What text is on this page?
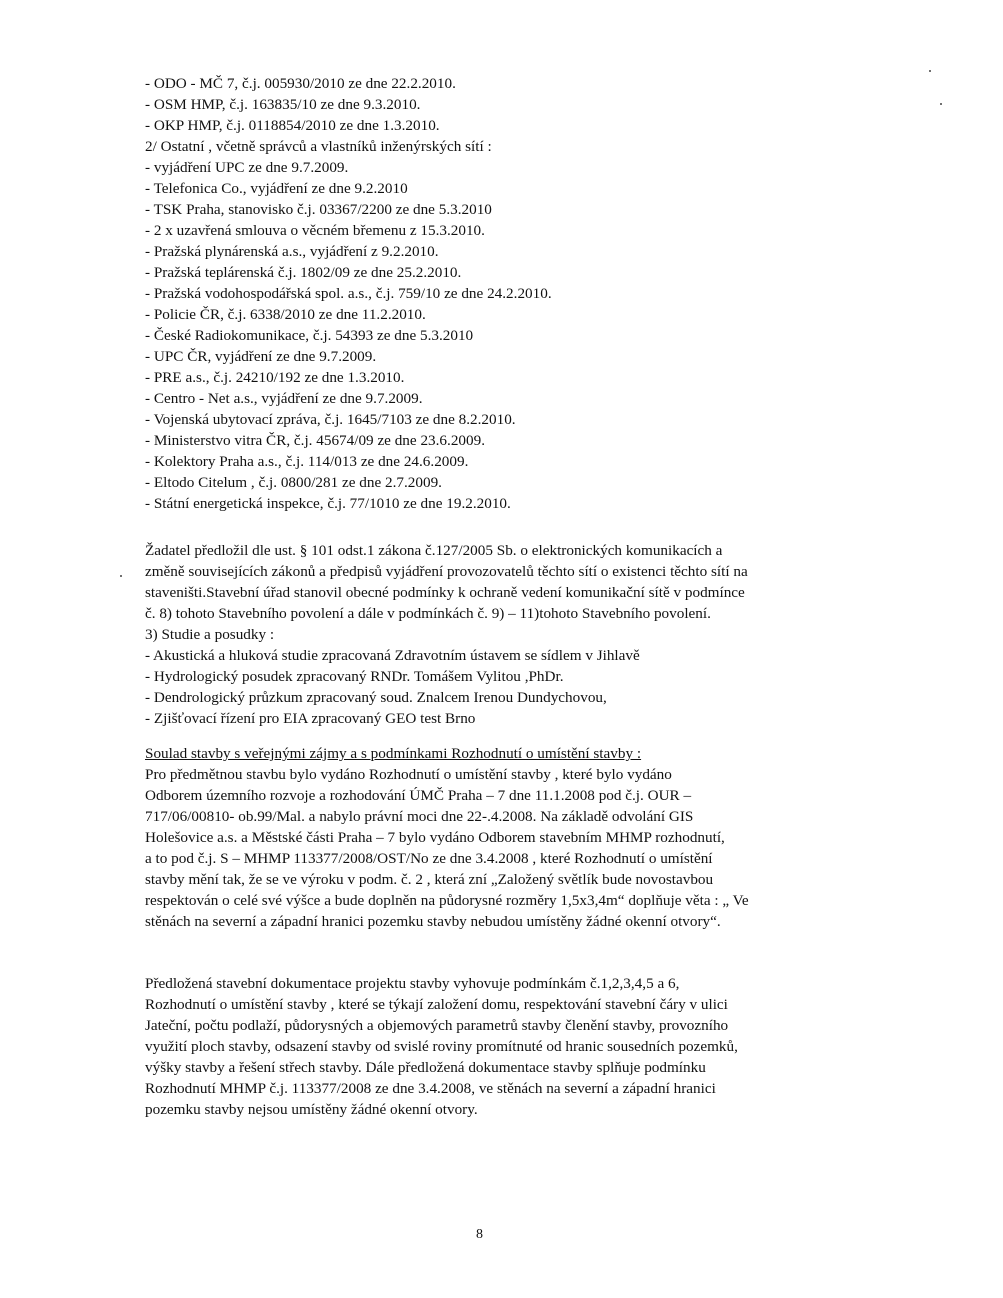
- ODO - MČ 7, č.j. 005930/2010 ze dne 22.2.2010.
- OSM HMP, č.j. 163835/10 ze dne 9.3.2010.
- OKP HMP, č.j. 0118854/2010 ze dne 1.3.2010.
2/ Ostatní , včetně správců a vlastníků inženýrských sítí :
- vyjádření UPC ze dne 9.7.2009.
- Telefonica Co., vyjádření ze dne 9.2.2010
- TSK Praha, stanovisko č.j. 03367/2200 ze dne 5.3.2010
- 2 x uzavřená smlouva o věcném břemenu z 15.3.2010.
- Pražská plynárenská a.s., vyjádření z 9.2.2010.
- Pražská teplárenská č.j. 1802/09 ze dne 25.2.2010.
- Pražská vodohospodářská spol. a.s., č.j. 759/10 ze dne 24.2.2010.
- Policie ČR, č.j. 6338/2010 ze dne 11.2.2010.
- České Radiokomunikace, č.j. 54393 ze dne 5.3.2010
- UPC ČR, vyjádření ze dne 9.7.2009.
- PRE a.s., č.j. 24210/192 ze dne 1.3.2010.
- Centro - Net a.s., vyjádření ze dne 9.7.2009.
- Vojenská ubytovací zpráva, č.j. 1645/7103 ze dne 8.2.2010.
- Ministerstvo vitra ČR, č.j. 45674/09 ze dne 23.6.2009.
- Kolektory Praha a.s., č.j. 114/013 ze dne 24.6.2009.
- Eltodo Citelum , č.j. 0800/281 ze dne 2.7.2009.
- Státní energetická inspekce, č.j. 77/1010 ze dne 19.2.2010.
Žadatel předložil dle ust. § 101 odst.1 zákona č.127/2005 Sb. o elektronických komunikacích a
změně souvisejících zákonů a předpisů vyjádření provozovatelů těchto sítí o existenci těchto sítí na
staveništi.Stavební úřad stanovil obecné podmínky k ochraně vedení komunikační sítě v podmínce
č. 8) tohoto Stavebního povolení a dále v podmínkách č. 9) – 11)tohoto Stavebního povolení.
3) Studie a posudky :
- Akustická a hluková studie zpracovaná Zdravotním ústavem se sídlem v Jihlavě
- Hydrologický posudek zpracovaný RNDr. Tomášem Vylitou ,PhDr.
- Dendrologický průzkum zpracovaný soud. Znalcem Irenou Dundychovou,
- Zjišťovací řízení pro EIA zpracovaný GEO test Brno
Soulad stavby s veřejnými zájmy a s podmínkami Rozhodnutí o umístění stavby :
Pro předmětnou stavbu bylo vydáno Rozhodnutí o umístění stavby , které bylo vydáno
Odborem územního rozvoje a rozhodování ÚMČ Praha – 7 dne 11.1.2008 pod č.j. OUR –
717/06/00810- ob.99/Mal. a nabylo právní moci dne 22-.4.2008. Na základě odvolání GIS
Holešovice a.s. a Městské části Praha – 7 bylo vydáno Odborem stavebním MHMP rozhodnutí,
a to pod č.j. S – MHMP 113377/2008/OST/No ze dne 3.4.2008 , které Rozhodnutí o umístění
stavby mění tak, že se ve výroku v podm. č. 2 , která zní „Založený světlík bude novostavbou
respektován o celé své výšce a bude doplněn na půdorysné rozměry 1,5x3,4m“ doplňuje věta : „ Ve
stěnách na severní a západní hranici pozemku stavby nebudou umístěny žádné okenní otvory“.
Předložená stavební dokumentace projektu stavby vyhovuje podmínkám č.1,2,3,4,5 a 6,
Rozhodnutí o umístění stavby , které se týkají založení domu, respektování stavební čáry v ulici
Jateční, počtu podlaží, půdorysných a objemových parametrů stavby členění stavby, provozního
využití ploch stavby, odsazení stavby od svislé roviny promítnuté od hranic sousedních pozemků,
výšky stavby a řešení střech stavby. Dále předložená dokumentace stavby splňuje podmínku
Rozhodnutí MHMP č.j. 113377/2008 ze dne 3.4.2008, ve stěnách na severní a západní hranici
pozemku stavby nejsou umístěny žádné okenní otvory.
8
